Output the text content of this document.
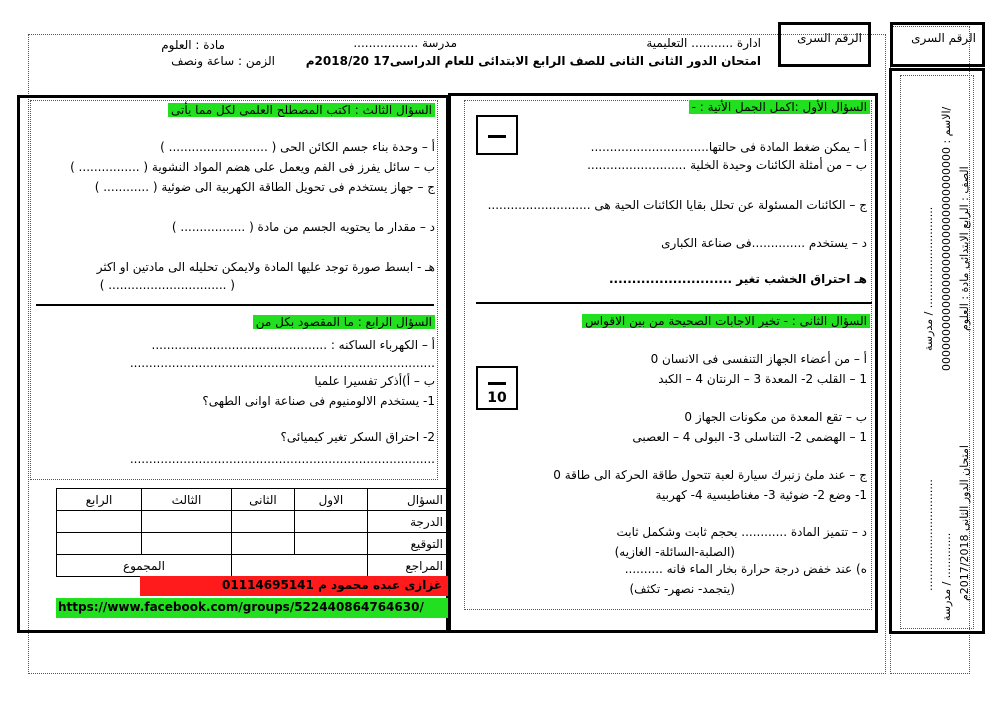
الرقم السرى	الرقم السرى
ادارة ........... التعليمية
مدرسة .................
مادة : العلوم
امتحان الدور الثانى الثانى للصف الرابع الابتدائى للعام الدراسى17 2018/20م
الزمن : ساعة ونصف
الصف : الرابع الابتدائى مادة : العلوم
الاسم : 00000000000000000000000000000000/
مدرسة / .............................
امتحان الدور الثانى 2017/2018م
مدرسة / .............
................................
السؤال الأول :اكمل الجمل الأتية : -
أ – يمكن ضغط المادة فى حالتها...............................
ب – من أمثلة الكائنات وحيدة الخلية ..........................
ج – الكائنات المسئولة عن تحلل بقايا الكائنات الحية هى ...........................
د – يستخدم ..............فى صناعة الكبارى
هـ احتراق الخشب تغير ...........................
السؤال الثانى : - تخير الاجابات الصحيحة من بين الاقواس
10
أ – من أعضاء الجهاز التنفسى فى الانسان 0
1 – القلب 2- المعدة 3 – الرنتان 4 – الكبد
ب – تقع المعدة من مكونات الجهاز 0
1 – الهضمى 2- التناسلى 3- البولى 4 – العصبى
ج – عند ملئ زنبرك سيارة لعبة تتحول طاقة الحركة الى طاقة 0
1- وضع 2- ضوئية 3- مغناطيسية 4- كهربية
د – تتميز المادة ............ بحجم ثابت وشكمل ثابت
(الصلبة-السائلة- الغازيه)
ه) عند خفض درجة حرارة بخار الماء فانه ..........
(يتجمد- نصهر- تكثف)
السؤال الثالث : اكتب المصطلح العلمى لكل مما يأتى
أ – وحدة بناء جسم الكائن الحى ( .......................... )
ب – سائل يفرز فى الفم ويعمل على هضم المواد النشوية ( ................ )
ج – جهاز يستخدم فى تحويل الطاقة الكهربية الى ضوئية ( ............ )
د – مقدار ما يحتويه الجسم من مادة ( ................. )
هـ - ابسط صورة توجد عليها المادة ولايمكن تحليله الى مادتين او اكثر
( ............................... )
السؤال الرابع : ما المقصود بكل من
أ – الكهرباء الساكنه : ..............................................
................................................................................
ب – أ)أذكر تفسيرا علميا
1- يستخدم الالومنيوم فى صناعة اوانى الطهى؟
2- احتراق السكر تغير كيميائى؟
................................................................................
السؤال	الاول	الثانى	الثالث	الرابع
الدرجة				
التوقيع				
المراجع			المجموع	
غزازى عبده محمود م 01114695141
https://www.facebook.com/groups/522440864764630/
